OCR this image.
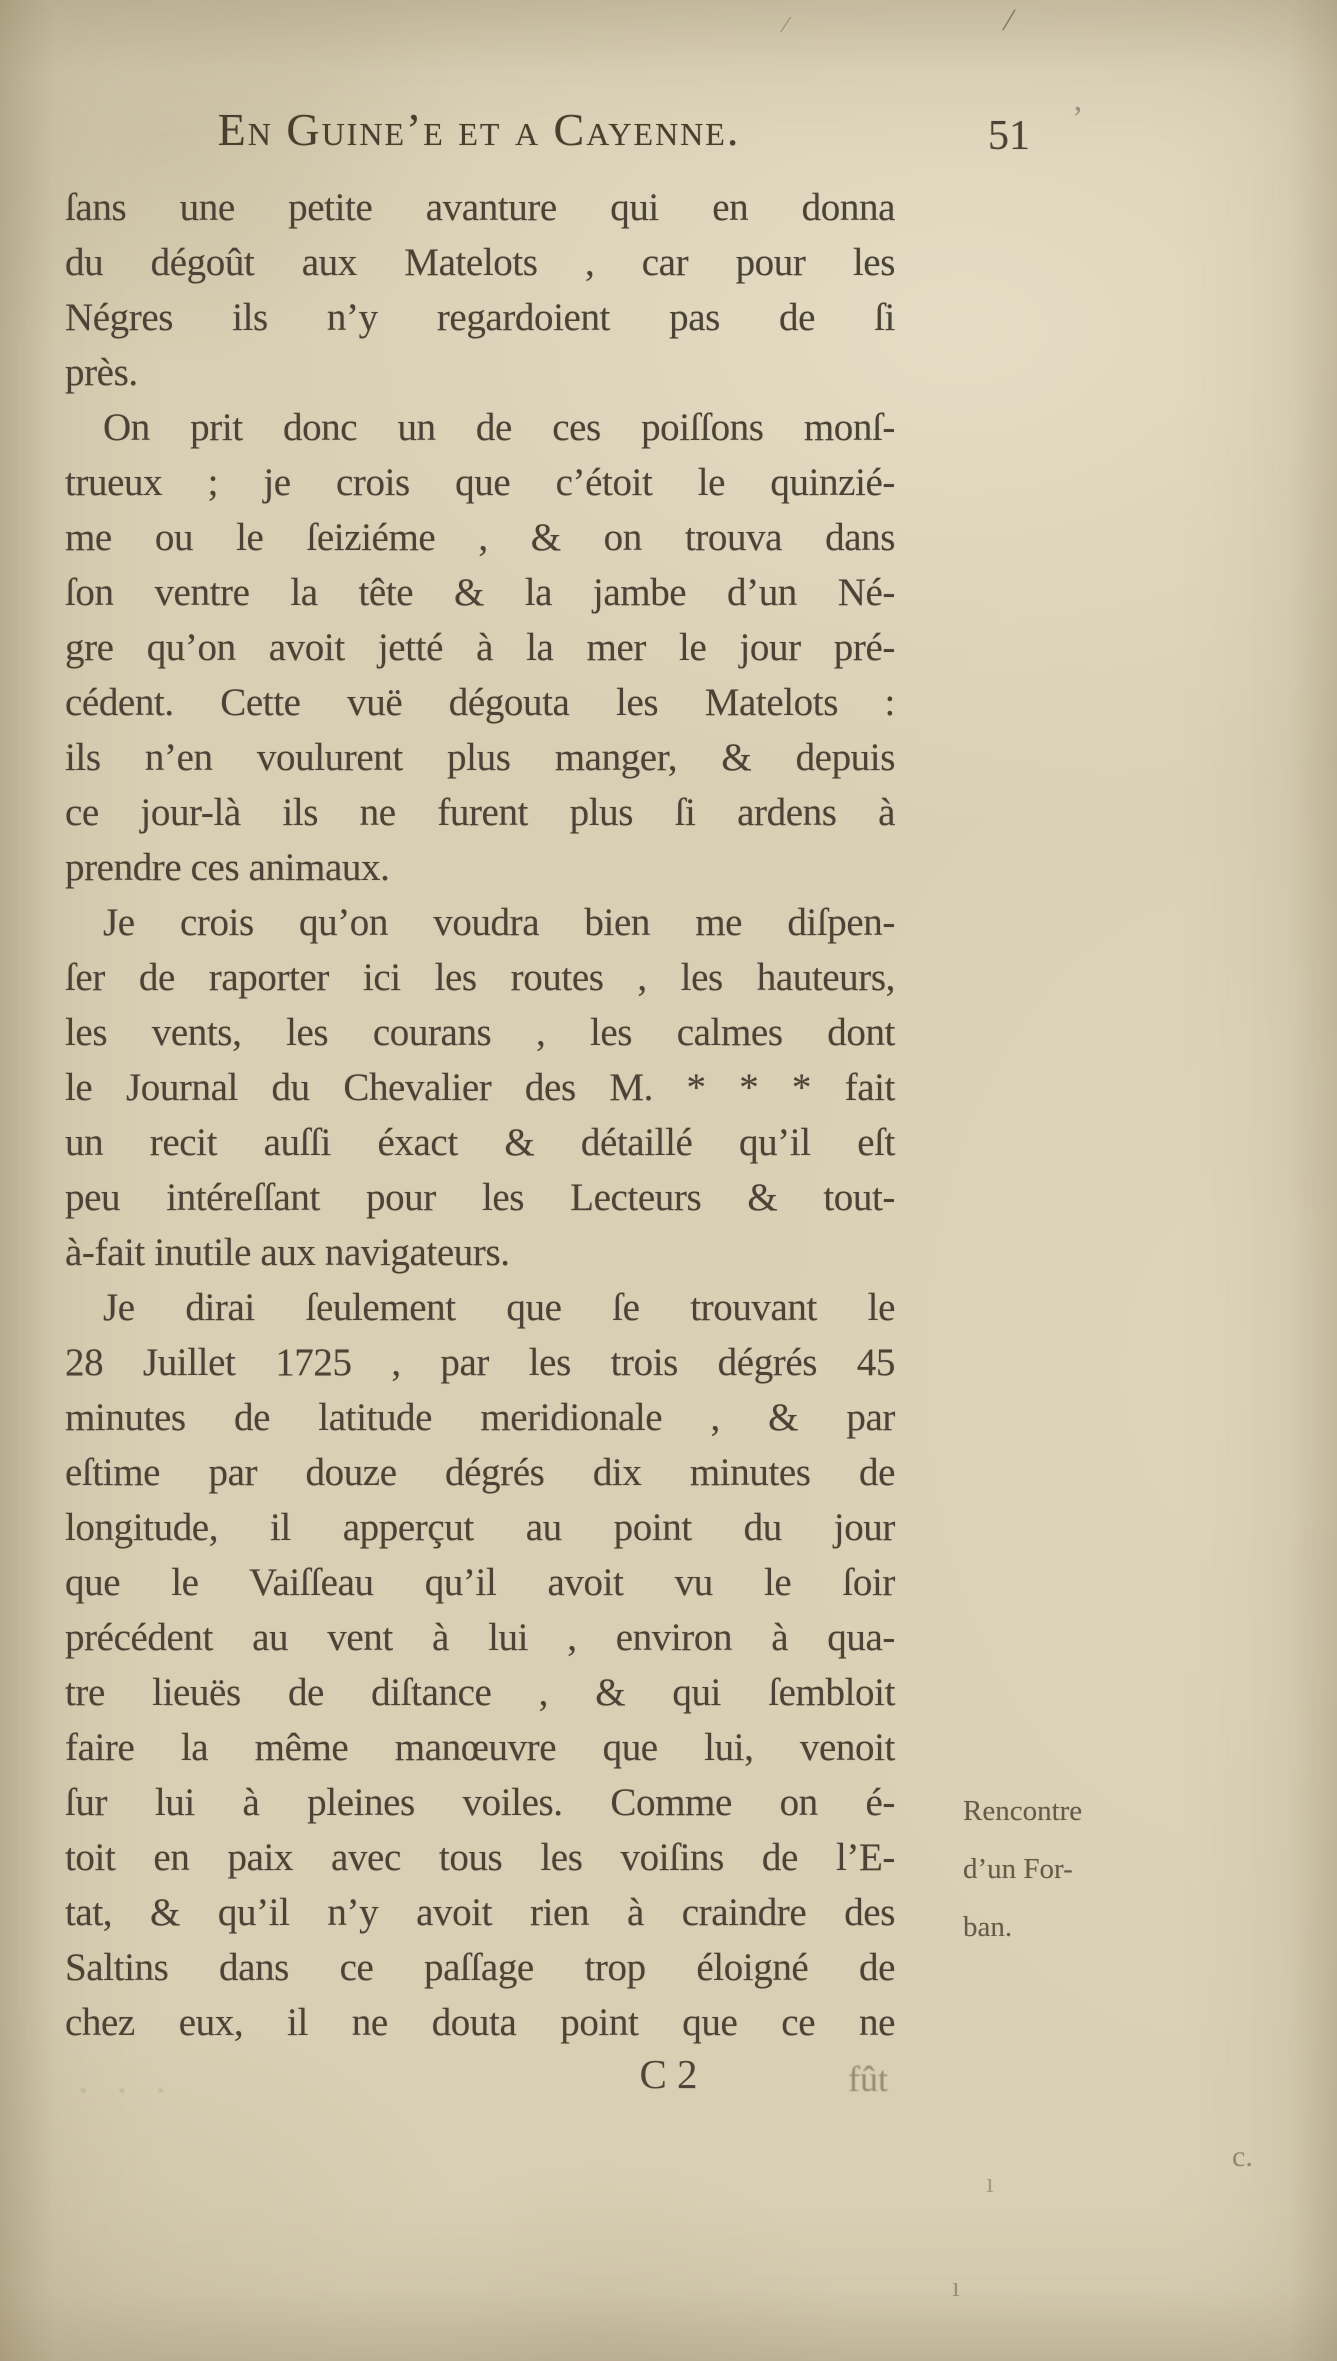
En Guine’e et a Cayenne.	51
ſans une petite avanture qui en donna
du dégoût aux Matelots , car pour les
Négres ils n’y regardoient pas de ſi
près.
On prit donc un de ces poiſſons monſ-
trueux ; je crois que c’étoit le quinzié-
me ou le ſeiziéme , & on trouva dans
ſon ventre la tête & la jambe d’un Né-
gre qu’on avoit jetté à la mer le jour pré-
cédent. Cette vuë dégouta les Matelots :
ils n’en voulurent plus manger, & depuis
ce jour-là ils ne furent plus ſi ardens à
prendre ces animaux.
Je crois qu’on voudra bien me diſpen-
ſer de raporter ici les routes , les hauteurs,
les vents, les courans , les calmes dont
le Journal du Chevalier des M. * * * fait
un recit auſſi éxact & détaillé qu’il eſt
peu intéreſſant pour les Lecteurs & tout-
à-fait inutile aux navigateurs.
Je dirai ſeulement que ſe trouvant le
28 Juillet 1725 , par les trois dégrés 45
minutes de latitude meridionale , & par
eſtime par douze dégrés dix minutes de
longitude, il apperçut au point du jour
que le Vaiſſeau qu’il avoit vu le ſoir
précédent au vent à lui , environ à qua-
tre lieuës de diſtance , & qui ſembloit
faire la même manœuvre que lui, venoit
ſur lui à pleines voiles. Comme on é-
toit en paix avec tous les voiſins de l’E-
tat, & qu’il n’y avoit rien à craindre des
Saltins dans ce paſſage trop éloigné de
chez eux, il ne douta point que ce ne
Rencontre
d’un For-
ban.
C 2	fût
/
/
’
c.
ı
ı
· · ·
